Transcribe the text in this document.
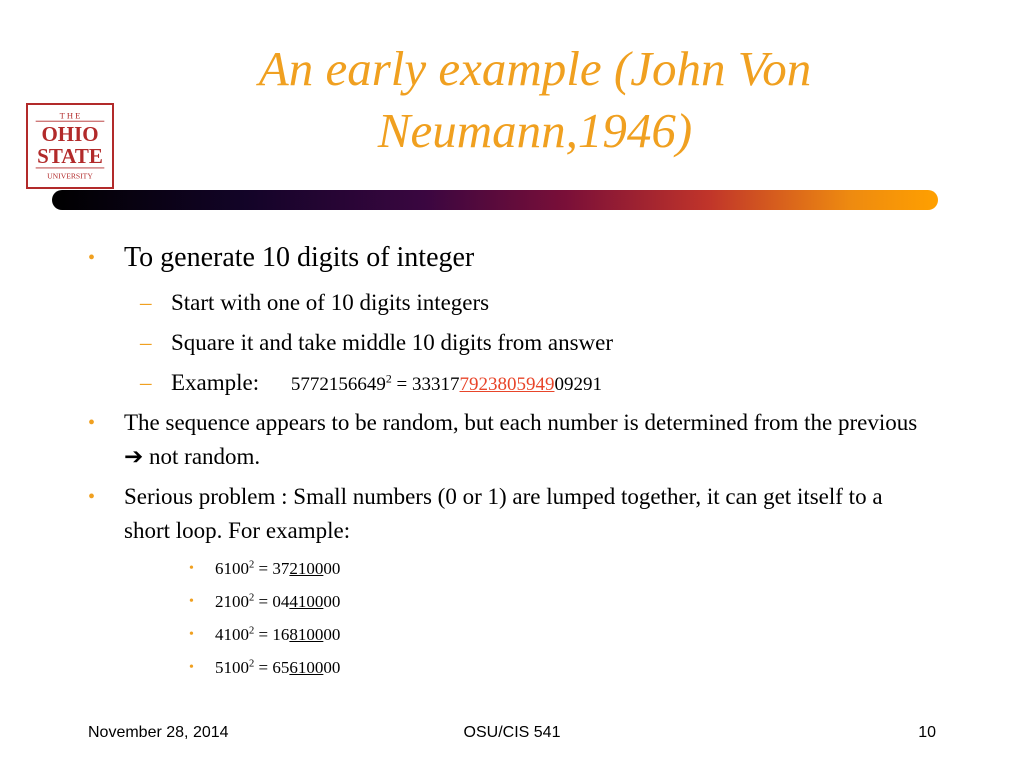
T H E
OHIO
STATE
UNIVERSITY
An early example (John Von
Neumann,1946)
• To generate 10 digits of integer
– Start with one of 10 digits integers
– Square it and take middle 10 digits from answer
– Example: $5772156649^2 = 33317792380594909291$
• The sequence appears to be random, but each number is determined from the previous ➔ not random.
• Serious problem : Small numbers (0 or 1) are lumped together, it can get itself to a short loop. For example:
• $6100^2 = 37210000$
• $2100^2 = 04410000$
• $4100^2 = 16810000$
• $5100^2 = 65610000$
November 28, 2014	OSU/CIS 541	10
